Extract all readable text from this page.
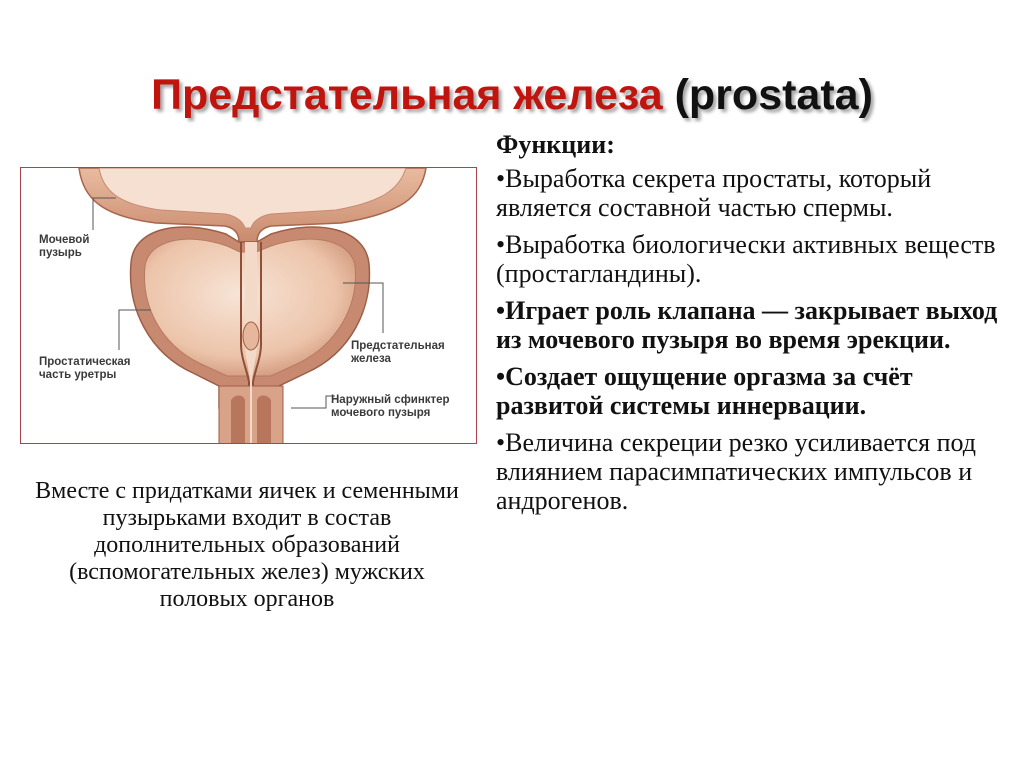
Предстательная железа (prostata)
Мочевой пузырь
Простатическая часть уретры
Предстательная железа
Наружный сфинктер мочевого пузыря
Вместе с придатками яичек и семенными пузырьками входит в состав дополнительных образований (вспомогательных желез) мужских половых органов
Функции:
•Выработка секрета простаты, который является составной частью спермы.
•Выработка биологически активных веществ (простагландины).
•Играет роль клапана — закрывает выход из мочевого пузыря во время эрекции.
•Создает ощущение оргазма за счёт развитой системы иннервации.
•Величина секреции резко усиливается под влиянием парасимпатических импульсов и андрогенов.
